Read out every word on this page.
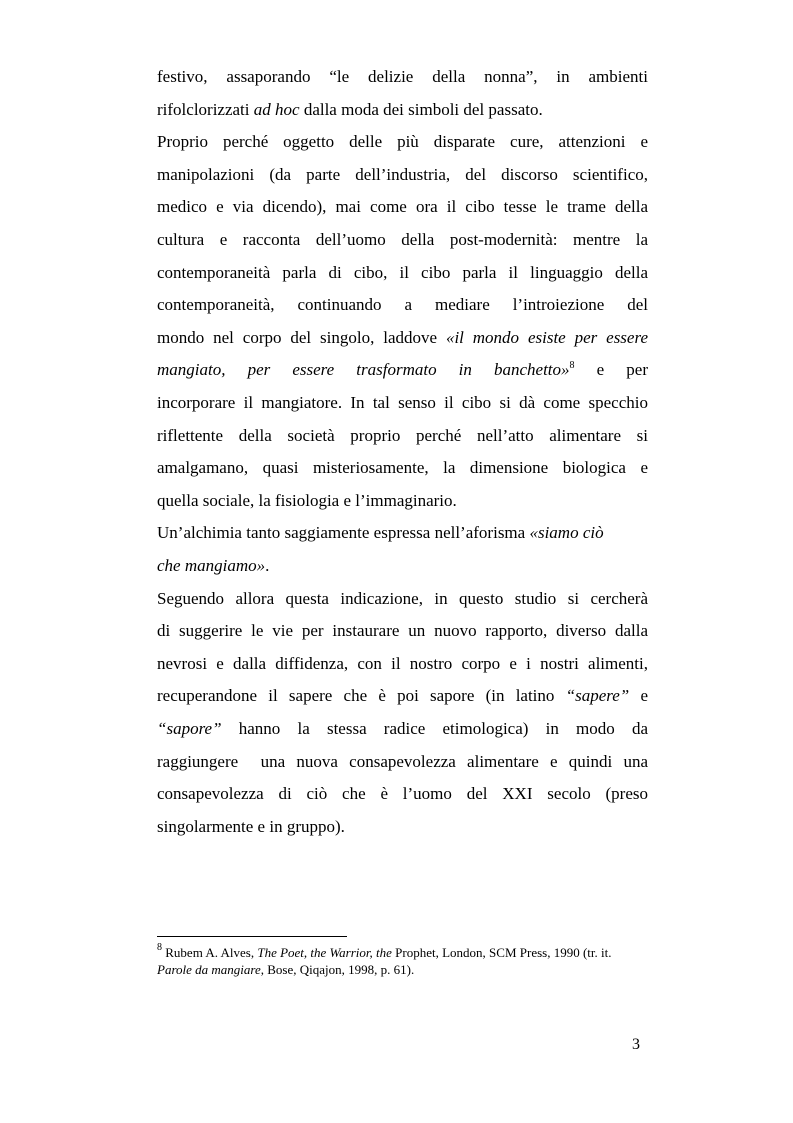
festivo,  assaporando  “le  delizie  della  nonna”,  in  ambienti
rifolclorizzati ad hoc dalla moda dei simboli del passato.
Proprio perché oggetto delle più disparate cure, attenzioni e
manipolazioni (da parte dell’industria, del discorso scientifico,
medico e via dicendo), mai come ora il cibo tesse le trame della
cultura e racconta dell’uomo della post-modernità: mentre la
contemporaneità parla di cibo, il cibo parla il linguaggio della
contemporaneità, continuando a mediare l’introiezione del
mondo nel corpo del singolo, laddove «il mondo esiste per essere
mangiato,  per  essere  trasformato  in  banchetto»$^8$  e  per
incorporare il mangiatore. In tal senso il cibo si dà come specchio
riflettente della società proprio perché nell’atto alimentare si
amalgamano, quasi misteriosamente, la dimensione biologica e
quella sociale, la fisiologia e l’immaginario.
Un’alchimia tanto saggiamente espressa nell’aforisma «siamo ciò
che mangiamo».
Seguendo allora questa indicazione, in questo studio si cercherà
di suggerire le vie per instaurare un nuovo rapporto, diverso dalla
nevrosi e dalla diffidenza, con il nostro corpo e i nostri alimenti,
recuperandone il sapere che è poi sapore (in latino “sapere” e
“sapore” hanno la stessa radice etimologica) in modo da
raggiungere  una nuova consapevolezza alimentare e quindi una
consapevolezza di ciò che è l’uomo del XXI secolo (preso
singolarmente e in gruppo).
$^8$ Rubem A. Alves, The Poet, the Warrior, the Prophet, London, SCM Press, 1990 (tr. it.
Parole da mangiare, Bose, Qiqajon, 1998, p. 61).
3
